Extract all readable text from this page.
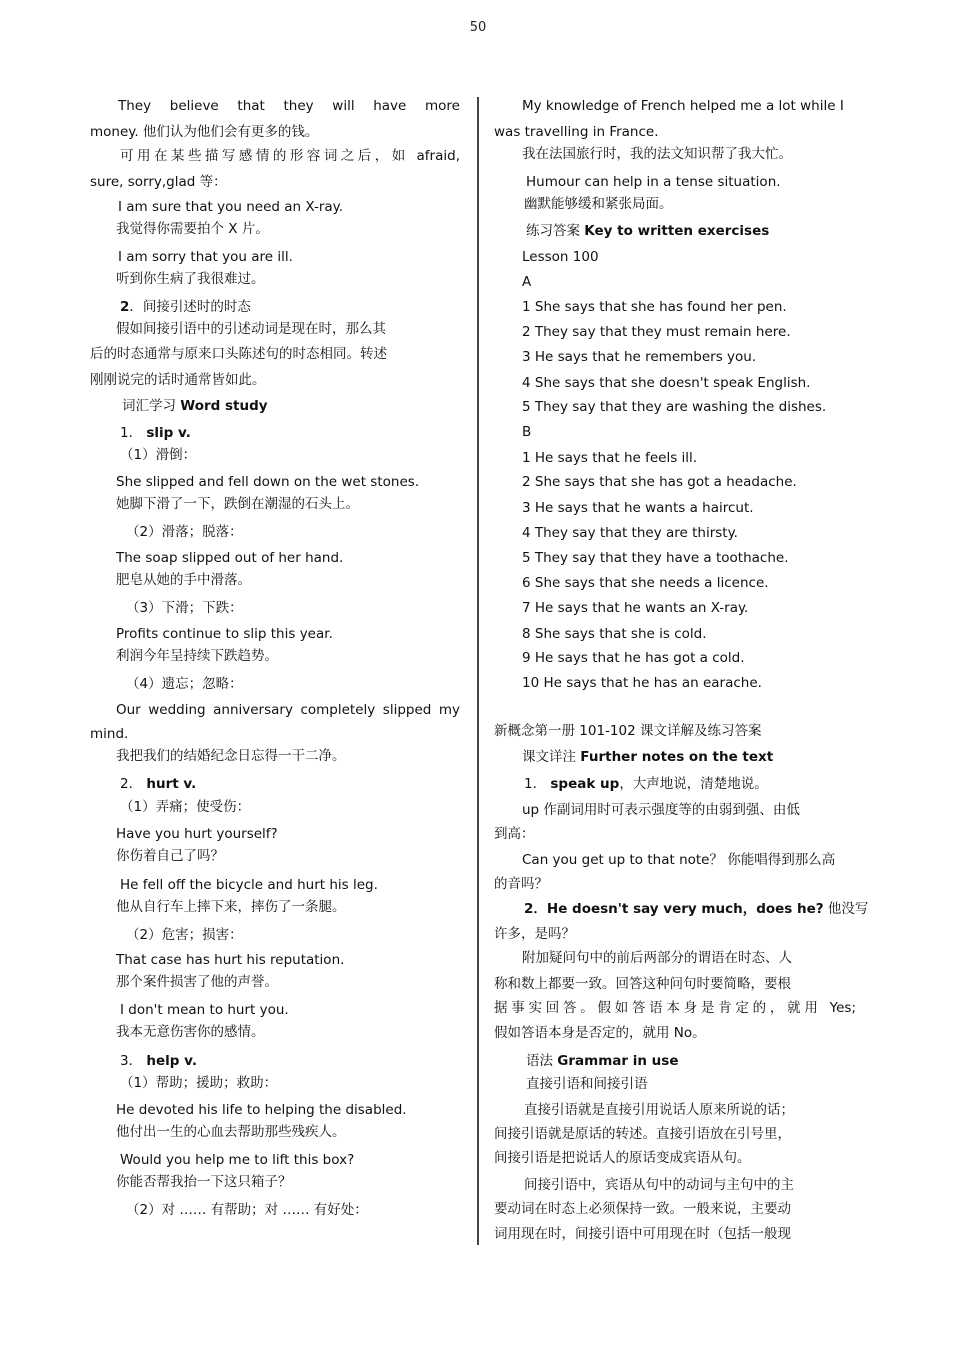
50
They believe that they will have more
money. 他们认为他们会有更多的钱。
可用在某些描写感情的形容词之后，如 afraid,
sure, sorry,glad 等：
I am sure that you need an X-ray.
我觉得你需要拍个 X 片。
I am sorry that you are ill.
听到你生病了我很难过。
2．间接引述时的时态
假如间接引语中的引述动词是现在时，那么其
后的时态通常与原来口头陈述句的时态相同。转述
刚刚说完的话时通常皆如此。
词汇学习 Word study
1． slip v.
（1）滑倒：
She slipped and fell down on the wet stones.
她脚下滑了一下，跌倒在潮湿的石头上。
（2）滑落；脱落：
The soap slipped out of her hand.
肥皂从她的手中滑落。
（3）下滑；下跌：
Profits continue to slip this year.
利润今年呈持续下跌趋势。
（4）遗忘；忽略：
Our wedding anniversary completely slipped my
mind.
我把我们的结婚纪念日忘得一干二净。
2． hurt v.
（1）弄痛；使受伤：
Have you hurt yourself?
你伤着自己了吗？
He fell off the bicycle and hurt his leg.
他从自行车上摔下来，摔伤了一条腿。
（2）危害；损害：
That case has hurt his reputation.
那个案件损害了他的声誉。
I don't mean to hurt you.
我本无意伤害你的感情。
3． help v.
（1）帮助；援助；救助：
He devoted his life to helping the disabled.
他付出一生的心血去帮助那些残疾人。
Would you help me to lift this box?
你能否帮我抬一下这只箱子？
（2）对 …… 有帮助；对 …… 有好处：
My knowledge of French helped me a lot while I
was travelling in France.
我在法国旅行时，我的法文知识帮了我大忙。
Humour can help in a tense situation.
幽默能够缓和紧张局面。
练习答案 Key to written exercises
Lesson 100
A
1 She says that she has found her pen.
2 They say that they must remain here.
3 He says that he remembers you.
4 She says that she doesn't speak English.
5 They say that they are washing the dishes.
B
1 He says that he feels ill.
2 She says that she has got a headache.
3 He says that he wants a haircut.
4 They say that they are thirsty.
5 They say that they have a toothache.
6 She says that she needs a licence.
7 He says that he wants an X-ray.
8 She says that she is cold.
9 He says that he has got a cold.
10 He says that he has an earache.
新概念第一册 101-102 课文详解及练习答案
课文详注 Further notes on the text
1． speak up，大声地说，清楚地说。
up 作副词用时可表示强度等的由弱到强、由低
到高：
Can you get up to that note？ 你能唱得到那么高
的音吗？
2．He doesn't say very much，does he? 他没写
许多，是吗？
附加疑问句中的前后两部分的谓语在时态、人
称和数上都要一致。回答这种问句时要简略，要根
据事实回答。假如答语本身是肯定的，就用 Yes;
假如答语本身是否定的，就用 No。
语法 Grammar in use
直接引语和间接引语
直接引语就是直接引用说话人原来所说的话；
间接引语就是原话的转述。直接引语放在引号里，
间接引语是把说话人的原话变成宾语从句。
间接引语中，宾语从句中的动词与主句中的主
要动词在时态上必须保持一致。一般来说，主要动
词用现在时，间接引语中可用现在时（包括一般现
